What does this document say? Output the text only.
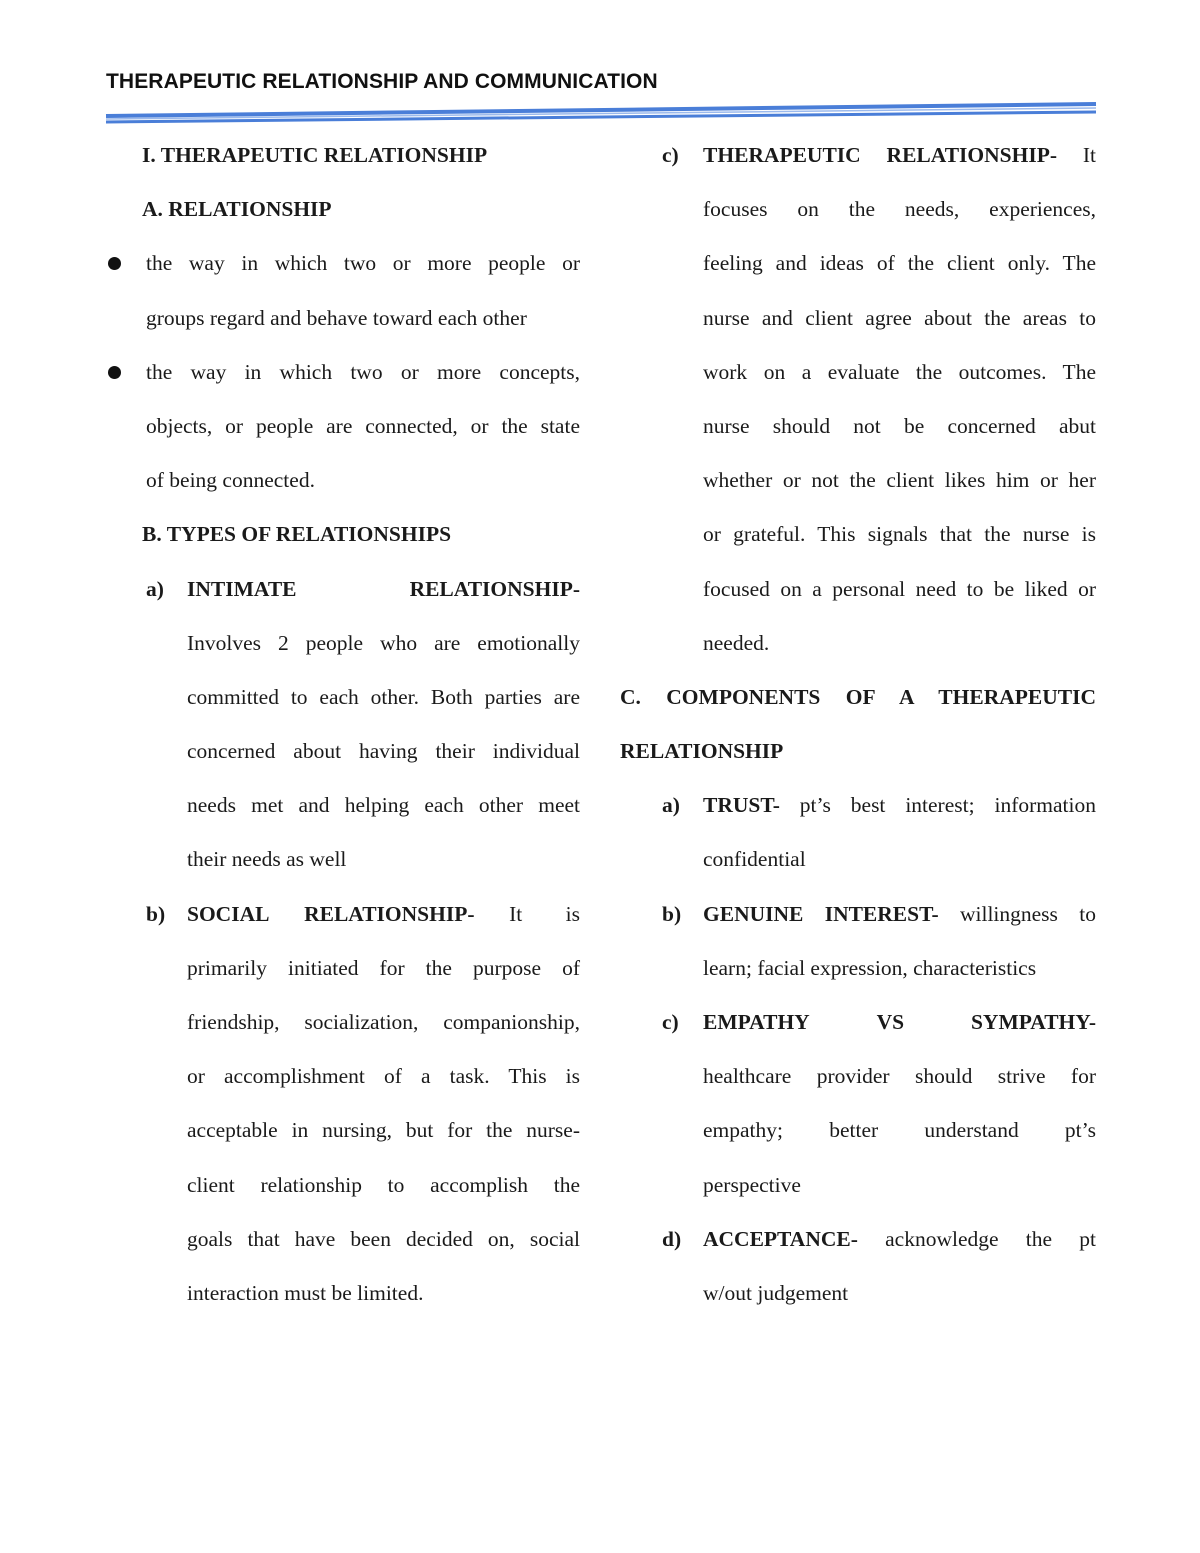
THERAPEUTIC RELATIONSHIP AND COMMUNICATION
I. THERAPEUTIC RELATIONSHIP
A. RELATIONSHIP
the way in which two or more people or
groups regard and behave toward each other
the way in which two or more concepts,
objects, or people are connected, or the state
of being connected.
B. TYPES OF RELATIONSHIPS
a) INTIMATE	RELATIONSHIP-
Involves 2 people who are emotionally
committed to each other. Both parties are
concerned about having their individual
needs met and helping each other meet
their needs as well
b) SOCIAL RELATIONSHIP- It is
primarily initiated for the purpose of
friendship, socialization, companionship,
or accomplishment of a task. This is
acceptable in nursing, but for the nurse-
client relationship to accomplish the
goals that have been decided on, social
interaction must be limited.
c) THERAPEUTIC RELATIONSHIP- It
focuses on the needs, experiences,
feeling and ideas of the client only. The
nurse and client agree about the areas to
work on a evaluate the outcomes. The
nurse should not be concerned abut
whether or not the client likes him or her
or grateful. This signals that the nurse is
focused on a personal need to be liked or
needed.
C. COMPONENTS OF A THERAPEUTIC
RELATIONSHIP
a) TRUST- pt’s best interest; information
confidential
b) GENUINE INTEREST- willingness to
learn; facial expression, characteristics
c) EMPATHY	VS	SYMPATHY-
healthcare provider should strive for
empathy; better understand pt’s
perspective
d) ACCEPTANCE- acknowledge the pt
w/out judgement
